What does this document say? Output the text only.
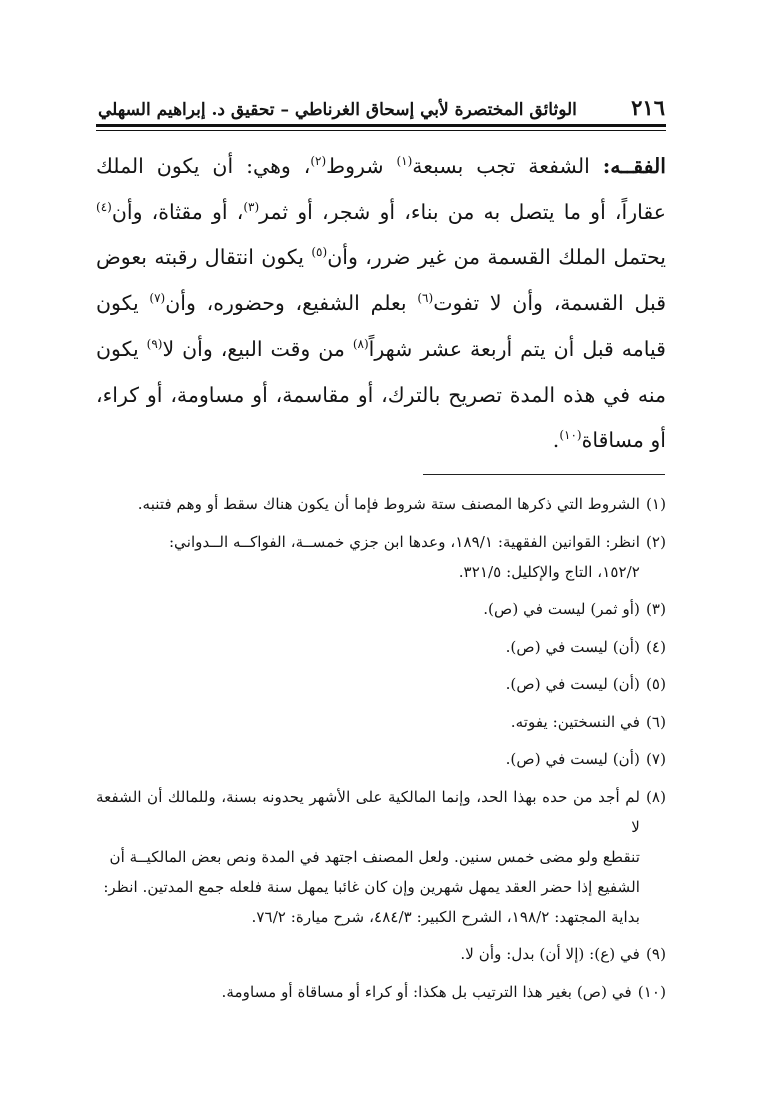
٢١٦
الوثائق المختصرة لأبي إسحاق الغرناطي – تحقيق د. إبراهيم السهلي

الفقــه: الشفعة تجب بسبعة$^{(١)}$ شروط$^{(٢)}$، وهي: أن يكون الملك عقاراً، أو ما يتصل به من بناء، أو شجر، أو ثمر$^{(٣)}$، أو مقثاة، وأن$^{(٤)}$ يحتمل الملك القسمة من غير ضرر، وأن$^{(٥)}$ يكون انتقال رقبته بعوض قبل القسمة، وأن لا تفوت$^{(٦)}$ بعلم الشفيع، وحضوره، وأن$^{(٧)}$ يكون قيامه قبل أن يتم أربعة عشر شهراً$^{(٨)}$ من وقت البيع، وأن لا$^{(٩)}$ يكون منه في هذه المدة تصريح بالترك، أو مقاسمة، أو مساومة، أو كراء، أو مساقاة$^{(١٠)}$.

(١)
الشروط التي ذكرها المصنف ستة شروط فإما أن يكون هناك سقط أو وهم فتنبه.
(٢)
انظر: القوانين الفقهية: ١٨٩/١، وعدها ابن جزي خمســة، الفواكــه الــدواني:
١٥٢/٢، التاج والإكليل: ٣٢١/٥.
(٣)
(أو ثمر) ليست في (ص).
(٤)
(أن) ليست في (ص).
(٥)
(أن) ليست في (ص).
(٦)
في النسختين: يفوته.
(٧)
(أن) ليست في (ص).
(٨)
لم أجد من حده بهذا الحد، وإنما المالكية على الأشهر يحدونه بسنة، وللمالك أن الشفعة لا
تنقطع ولو مضى خمس سنين. ولعل المصنف اجتهد في المدة ونص بعض المالكيــة أن
الشفيع إذا حضر العقد يمهل شهرين وإن كان غائبا يمهل سنة فلعله جمع المدتين. انظر:
بداية المجتهد: ١٩٨/٢، الشرح الكبير: ٤٨٤/٣، شرح ميارة: ٧٦/٢.
(٩)
في (ع): (إلا أن) بدل: وأن لا.
(١٠)
في (ص) بغير هذا الترتيب بل هكذا: أو كراء أو مساقاة أو مساومة.
